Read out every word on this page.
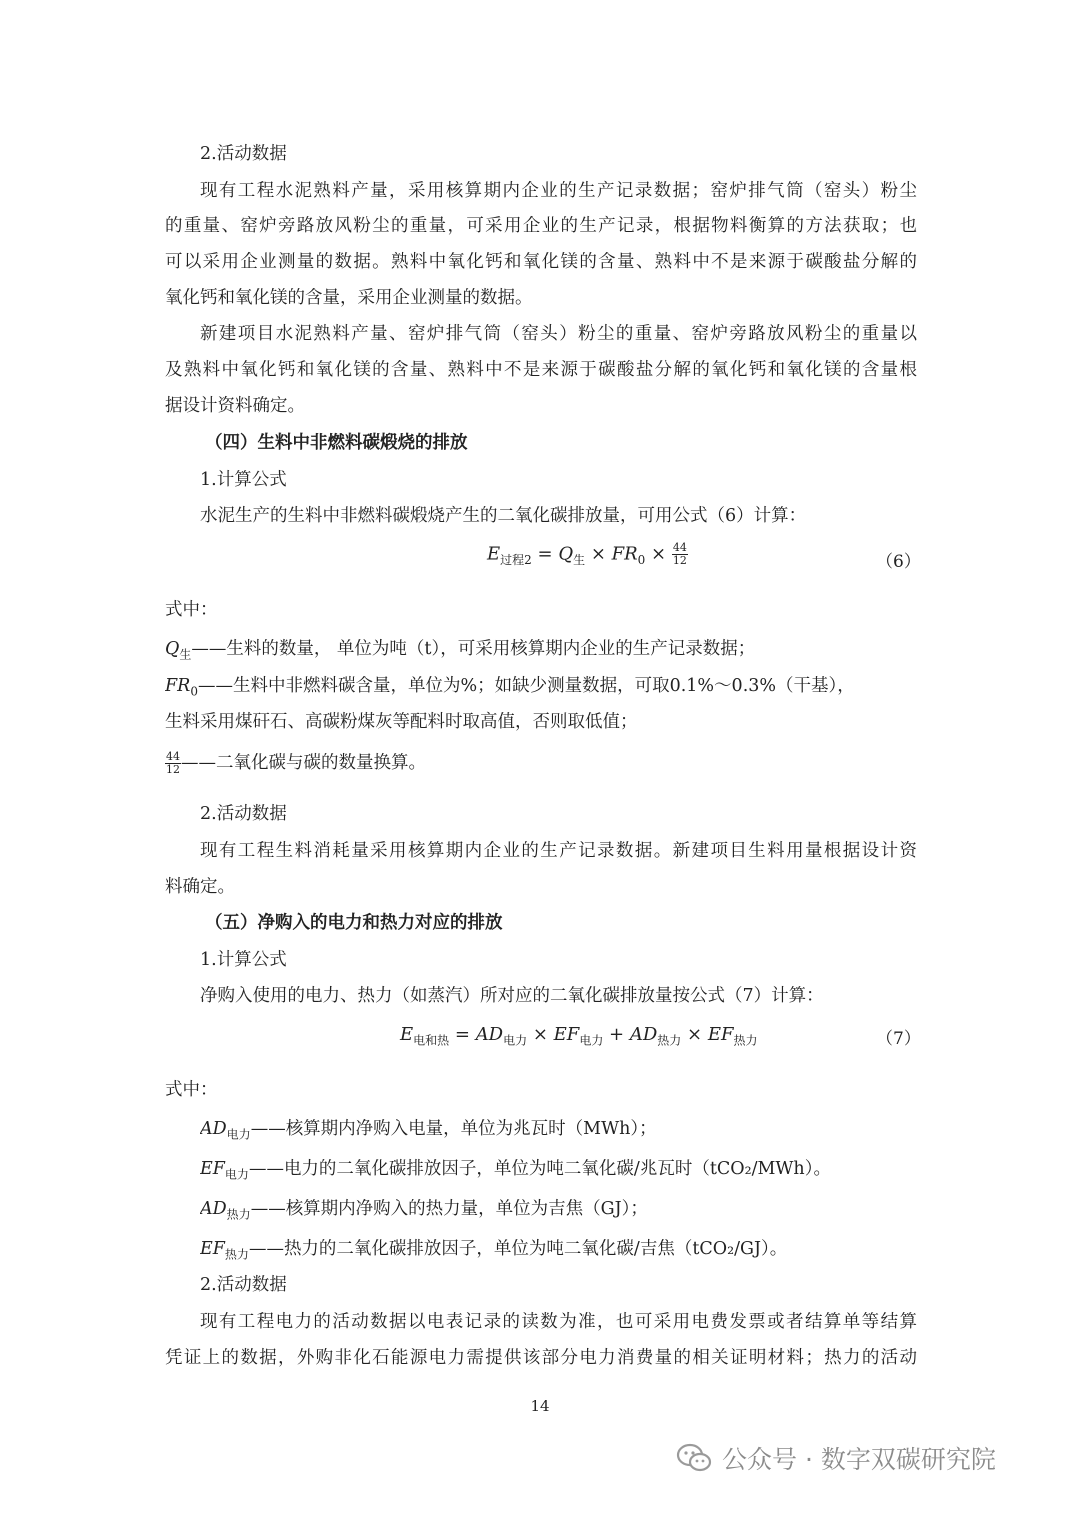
2.活动数据
现有工程水泥熟料产量，采用核算期内企业的生产记录数据；窑炉排气筒（窑头）粉尘
的重量、窑炉旁路放风粉尘的重量，可采用企业的生产记录，根据物料衡算的方法获取；也
可以采用企业测量的数据。熟料中氧化钙和氧化镁的含量、熟料中不是来源于碳酸盐分解的
氧化钙和氧化镁的含量，采用企业测量的数据。
新建项目水泥熟料产量、窑炉排气筒（窑头）粉尘的重量、窑炉旁路放风粉尘的重量以
及熟料中氧化钙和氧化镁的含量、熟料中不是来源于碳酸盐分解的氧化钙和氧化镁的含量根
据设计资料确定。
（四）生料中非燃料碳煅烧的排放
1.计算公式
水泥生产的生料中非燃料碳煅烧产生的二氧化碳排放量，可用公式（6）计算：
$E_{过程2} = Q_生 \times FR_0 \times \frac{44}{12}$	（6）
式中：
$Q_生——$生料的数量， 单位为吨（t），可采用核算期内企业的生产记录数据；
$FR_0——$生料中非燃料碳含量，单位为%；如缺少测量数据，可取0.1%～0.3%（干基），
生料采用煤矸石、高碳粉煤灰等配料时取高值，否则取低值；
$\frac{44}{12}$ ——二氧化碳与碳的数量换算。
2.活动数据
现有工程生料消耗量采用核算期内企业的生产记录数据。新建项目生料用量根据设计资
料确定。
（五）净购入的电力和热力对应的排放
1.计算公式
净购入使用的电力、热力（如蒸汽）所对应的二氧化碳排放量按公式（7）计算：
$E_{电和热} = AD_{电力} \times EF_{电力} + AD_{热力} \times EF_{热力}$	（7）
式中：
$AD_{电力}——$核算期内净购入电量，单位为兆瓦时（MWh）；
$EF_{电力}——$电力的二氧化碳排放因子，单位为吨二氧化碳/兆瓦时（tCO₂/MWh）。
$AD_{热力}——$核算期内净购入的热力量，单位为吉焦（GJ）；
$EF_{热力}——$热力的二氧化碳排放因子，单位为吨二氧化碳/吉焦（tCO₂/GJ）。
2.活动数据
现有工程电力的活动数据以电表记录的读数为准，也可采用电费发票或者结算单等结算
凭证上的数据，外购非化石能源电力需提供该部分电力消费量的相关证明材料；热力的活动
14
公众号 · 数字双碳研究院
